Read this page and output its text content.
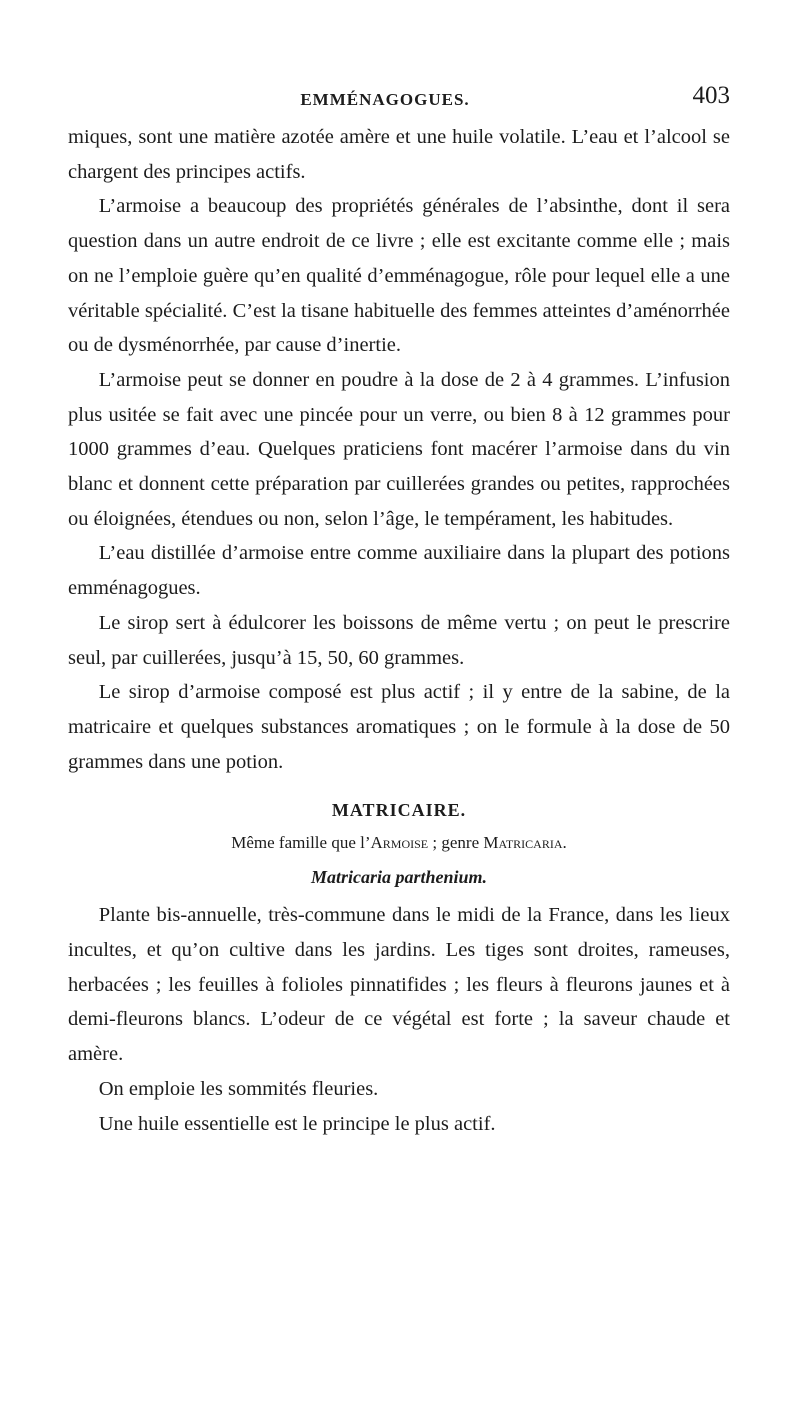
EMMÉNAGOGUES.	403

miques, sont une matière azotée amère et une huile volatile. L’eau et l’alcool se chargent des principes actifs.

L’armoise a beaucoup des propriétés générales de l’absinthe, dont il sera question dans un autre endroit de ce livre ; elle est excitante comme elle ; mais on ne l’emploie guère qu’en qualité d’emménagogue, rôle pour lequel elle a une véritable spécialité. C’est la tisane habituelle des femmes atteintes d’aménorrhée ou de dysménorrhée, par cause d’inertie.

L’armoise peut se donner en poudre à la dose de 2 à 4 grammes. L’infusion plus usitée se fait avec une pincée pour un verre, ou bien 8 à 12 grammes pour 1000 grammes d’eau. Quelques praticiens font macérer l’armoise dans du vin blanc et donnent cette préparation par cuillerées grandes ou petites, rapprochées ou éloignées, étendues ou non, selon l’âge, le tempérament, les habitudes.

L’eau distillée d’armoise entre comme auxiliaire dans la plupart des potions emménagogues.

Le sirop sert à édulcorer les boissons de même vertu ; on peut le prescrire seul, par cuillerées, jusqu’à 15, 50, 60 grammes.

Le sirop d’armoise composé est plus actif ; il y entre de la sabine, de la matricaire et quelques substances aromatiques ; on le formule à la dose de 50 grammes dans une potion.

MATRICAIRE.

Même famille que l’Armoise ; genre Matricaria.

Matricaria parthenium.

Plante bis-annuelle, très-commune dans le midi de la France, dans les lieux incultes, et qu’on cultive dans les jardins. Les tiges sont droites, rameuses, herbacées ; les feuilles à folioles pinnatifides ; les fleurs à fleurons jaunes et à demi-fleurons blancs. L’odeur de ce végétal est forte ; la saveur chaude et amère.

On emploie les sommités fleuries.

Une huile essentielle est le principe le plus actif.
